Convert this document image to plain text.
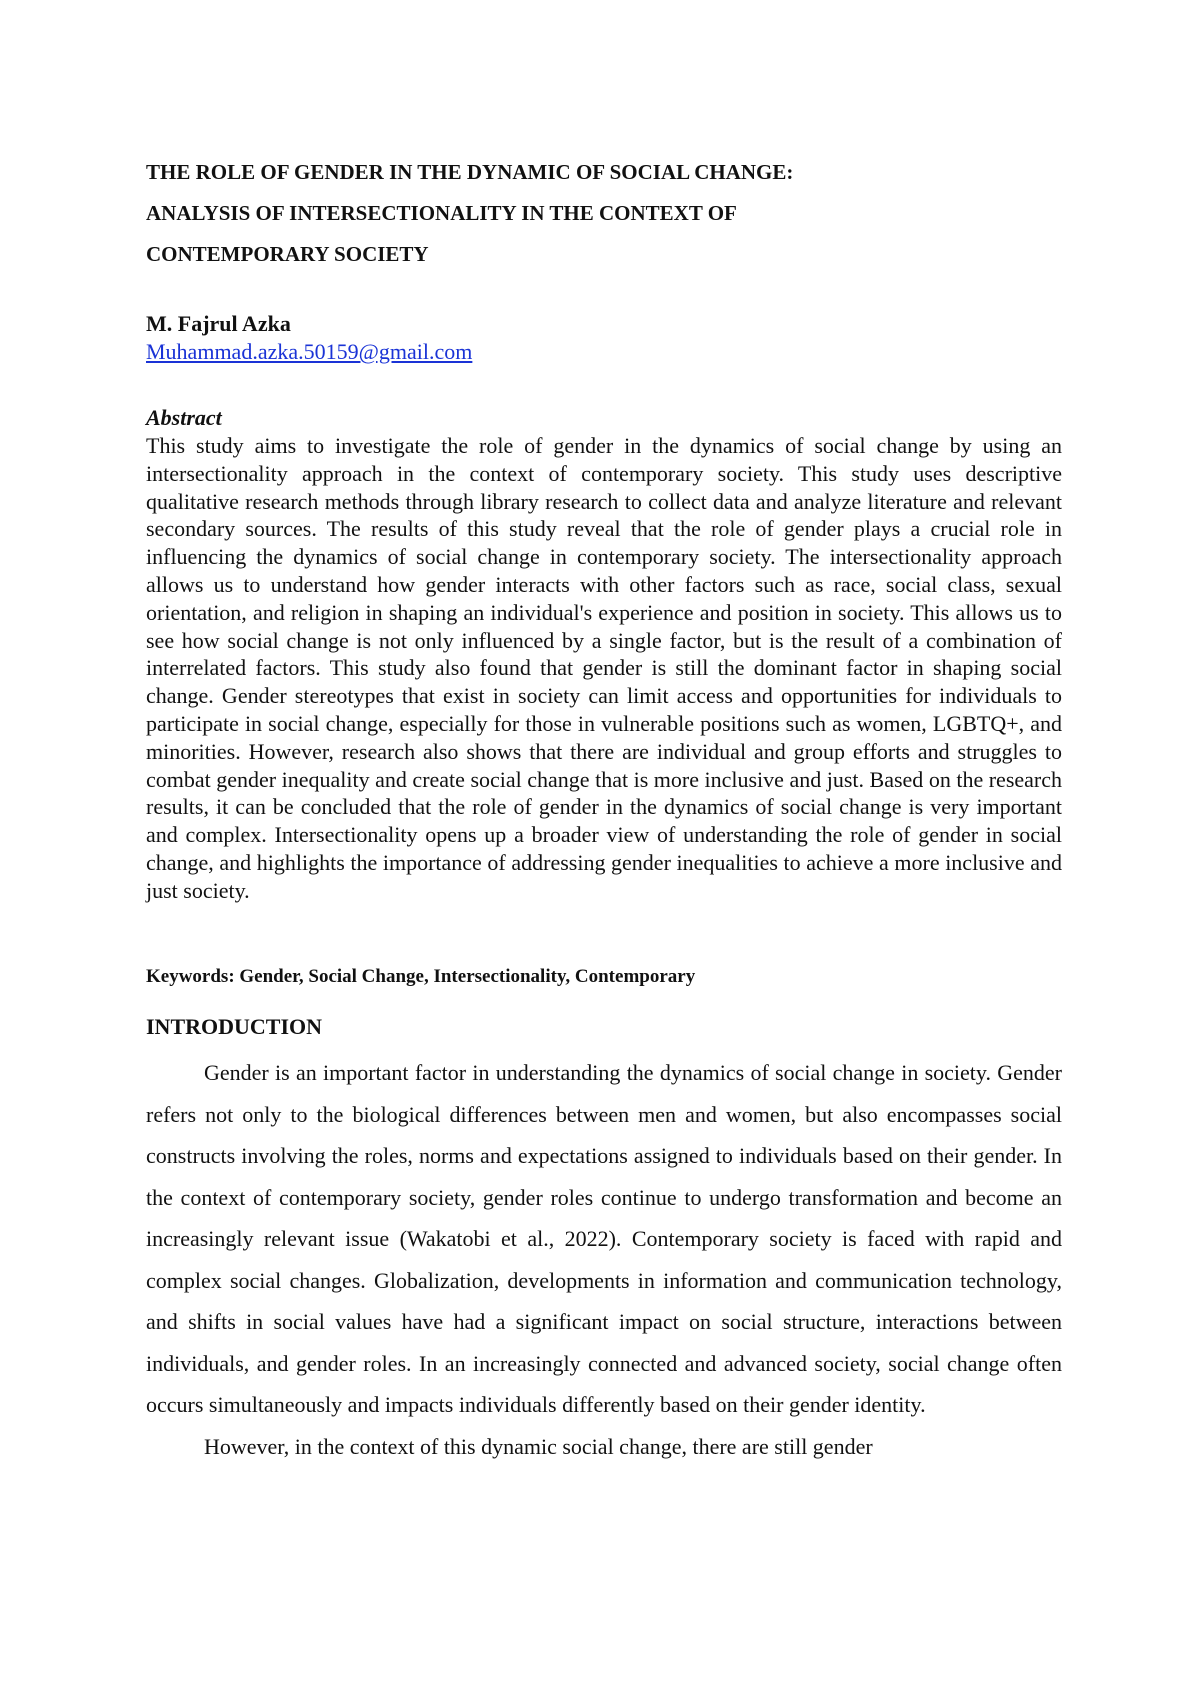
THE ROLE OF GENDER IN THE DYNAMIC OF SOCIAL CHANGE:
ANALYSIS OF INTERSECTIONALITY IN THE CONTEXT OF
CONTEMPORARY SOCIETY

M. Fajrul Azka

Muhammad.azka.50159@gmail.com

Abstract

This study aims to investigate the role of gender in the dynamics of social change by using an intersectionality approach in the context of contemporary society. This study uses descriptive qualitative research methods through library research to collect data and analyze literature and relevant secondary sources. The results of this study reveal that the role of gender plays a crucial role in influencing the dynamics of social change in contemporary society. The intersectionality approach allows us to understand how gender interacts with other factors such as race, social class, sexual orientation, and religion in shaping an individual's experience and position in society. This allows us to see how social change is not only influenced by a single factor, but is the result of a combination of interrelated factors. This study also found that gender is still the dominant factor in shaping social change. Gender stereotypes that exist in society can limit access and opportunities for individuals to participate in social change, especially for those in vulnerable positions such as women, LGBTQ+, and minorities. However, research also shows that there are individual and group efforts and struggles to combat gender inequality and create social change that is more inclusive and just. Based on the research results, it can be concluded that the role of gender in the dynamics of social change is very important and complex. Intersectionality opens up a broader view of understanding the role of gender in social change, and highlights the importance of addressing gender inequalities to achieve a more inclusive and just society.

Keywords: Gender, Social Change, Intersectionality, Contemporary

INTRODUCTION

Gender is an important factor in understanding the dynamics of social change in society. Gender refers not only to the biological differences between men and women, but also encompasses social constructs involving the roles, norms and expectations assigned to individuals based on their gender. In the context of contemporary society, gender roles continue to undergo transformation and become an increasingly relevant issue (Wakatobi et al., 2022). Contemporary society is faced with rapid and complex social changes. Globalization, developments in information and communication technology, and shifts in social values have had a significant impact on social structure, interactions between individuals, and gender roles. In an increasingly connected and advanced society, social change often occurs simultaneously and impacts individuals differently based on their gender identity.

However, in the context of this dynamic social change, there are still gender
